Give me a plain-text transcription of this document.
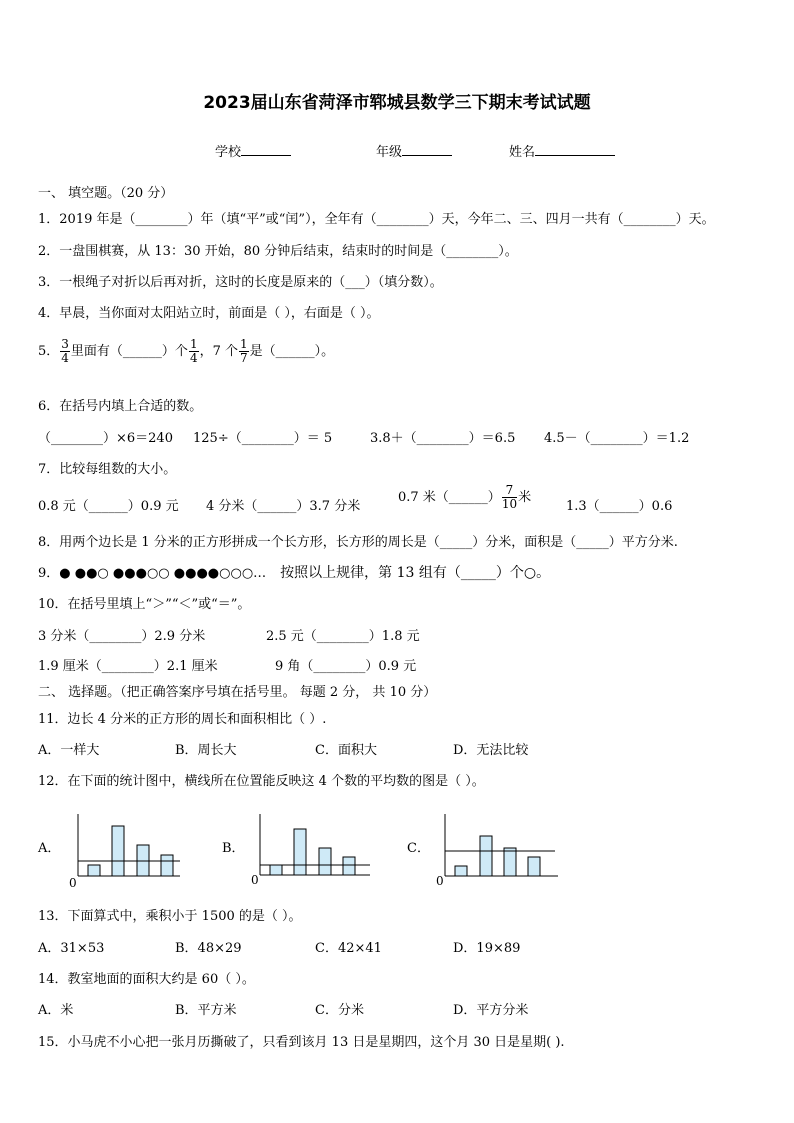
2023届山东省菏泽市郓城县数学三下期末考试试题
学校	年级	姓名
一、 填空题。（20 分）
1．2019 年是（________）年（填“平”或“闰”），全年有（________）天，今年二、三、四月一共有（________）天。
2．一盘围棋赛，从 13：30 开始，80 分钟后结束，结束时的时间是（________）。
3．一根绳子对折以后再对折，这时的长度是原来的（___）（填分数）。
4．早晨，当你面对太阳站立时，前面是（ ），右面是（ ）。
5． $\frac{3}{4}$ 里面有（______）个 $\frac{1}{4}$ ，7 个 $\frac{1}{7}$ 是（______）。
6．在括号内填上合适的数。
（________）×6＝240 125÷（________）＝ 5	3.8＋（________）＝6.5 4.5－（________）＝1.2
7．比较每组数的大小。
0.8 元（______）0.9 元 4 分米（______）3.7 分米
0.7 米（______） $\frac{7}{10}$ 米
1.3（______）0.6
8．用两个边长是 1 分米的正方形拼成一个长方形，长方形的周长是（_____）分米，面积是（_____）平方分米.
9．● ●●○ ●●●○○ ●●●●○○○… 按照以上规律，第 13 组有（_____）个○。
10．在括号里填上“＞”“＜”或“＝”。
3 分米（________）2.9 分米	2.5 元（________）1.8 元
1.9 厘米（________）2.1 厘米	9 角（________）0.9 元
二、 选择题。（把正确答案序号填在括号里。 每题 2 分， 共 10 分）
11．边长 4 分米的正方形的周长和面积相比（ ）.
A．一样大	B．周长大	C．面积大	D．无法比较
12．在下面的统计图中，横线所在位置能反映这 4 个数的平均数的图是（ ）。
A．	B．	C．
0	0	0
13．下面算式中，乘积小于 1500 的是（ ）。
A．31×53	B．48×29	C．42×41	D．19×89
14．教室地面的面积大约是 60（ ）。
A．米	B．平方米	C．分米	D．平方分米
15．小马虎不小心把一张月历撕破了，只看到该月 13 日是星期四，这个月 30 日是星期( ).
